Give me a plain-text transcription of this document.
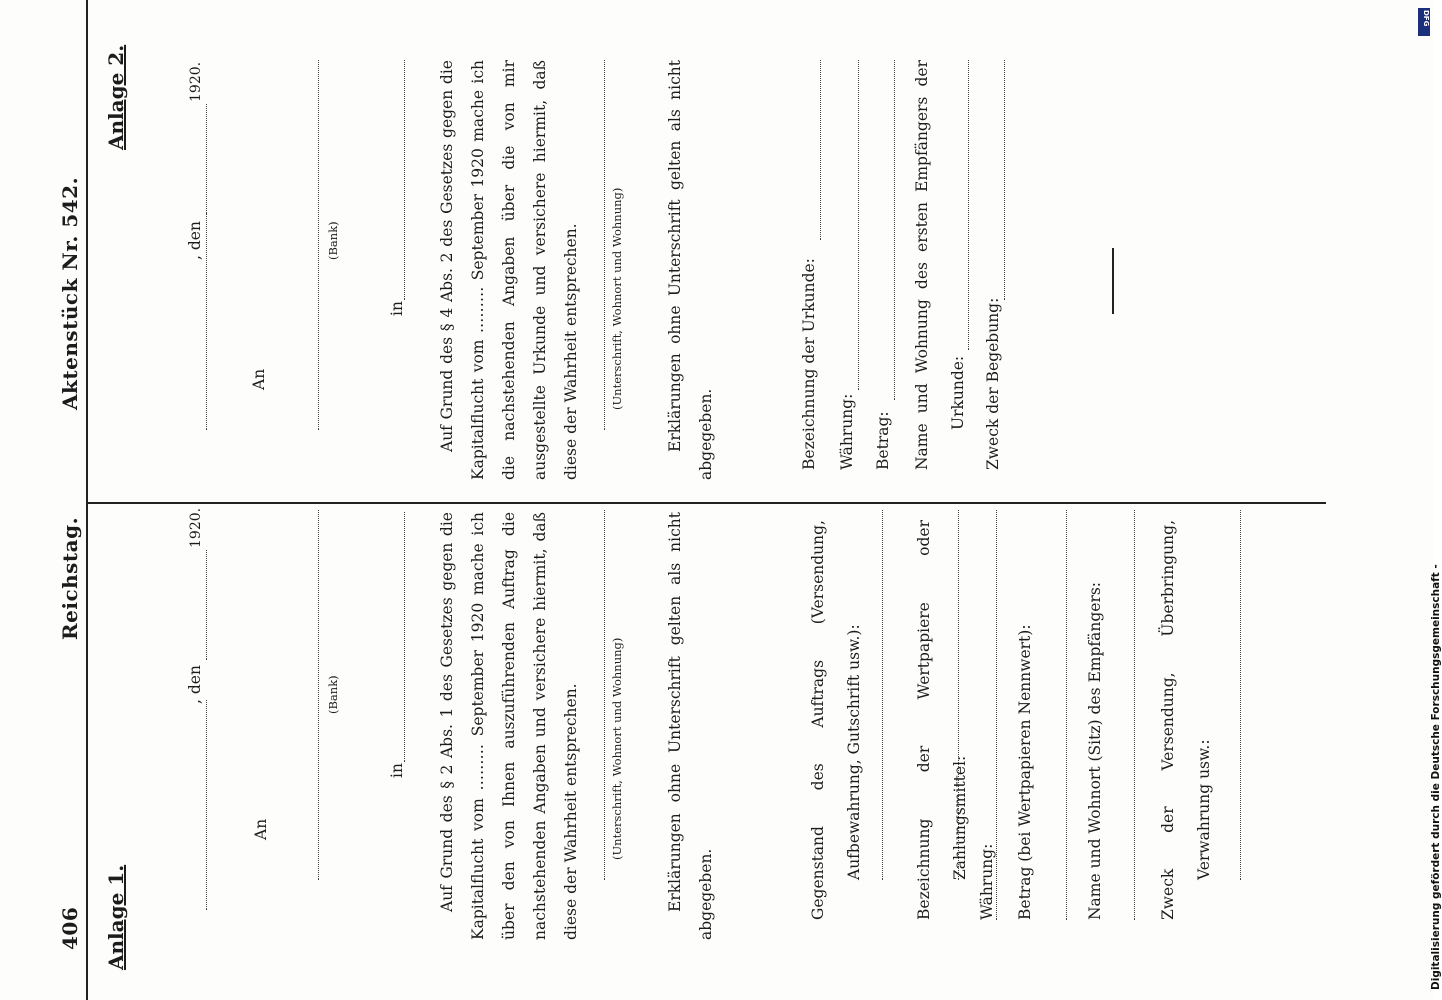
406
Reichstag.
Aktenstück Nr. 542.
Anlage 1.
, den
1920.
An
(Bank)
in	Auf Grund des § 2 Abs. 1 des Gesetzes gegen die Kapitalflucht vom ……… September 1920 mache ich über den von Ihnen auszuführenden Auftrag die nachstehenden Angaben und versichere hiermit, daß diese der Wahrheit entsprechen.	(Unterschrift, Wohnort und Wohnung)	Erklärungen ohne Unterschrift gelten als nicht abgegeben.	Gegenstand des Auftrags (Versendung, Aufbewahrung, Gutschrift usw.):	Bezeichnung der Wertpapiere oder Zahlungsmittel:
Währung: Betrag (bei Wertpapieren Nennwert):	Name und Wohnort (Sitz) des Empfängers:	Zweck der Versendung, Überbringung, Verwahrung usw.:
Anlage 2.
, den
1920.
An
(Bank)
in	Auf Grund des § 4 Abs. 2 des Gesetzes gegen die Kapitalflucht vom ……… September 1920 mache ich die nachstehenden Angaben über die von mir ausgestellte Urkunde und versichere hiermit, daß diese der Wahrheit entsprechen.	(Unterschrift, Wohnort und Wohnung)	Erklärungen ohne Unterschrift gelten als nicht abgegeben.	Bezeichnung der Urkunde: Währung: Betrag:	Name und Wohnung des ersten Empfängers der Urkunde:	Zweck der Begebung:
DFG
Digitalisierung gefördert durch die Deutsche Forschungsgemeinschaft -
